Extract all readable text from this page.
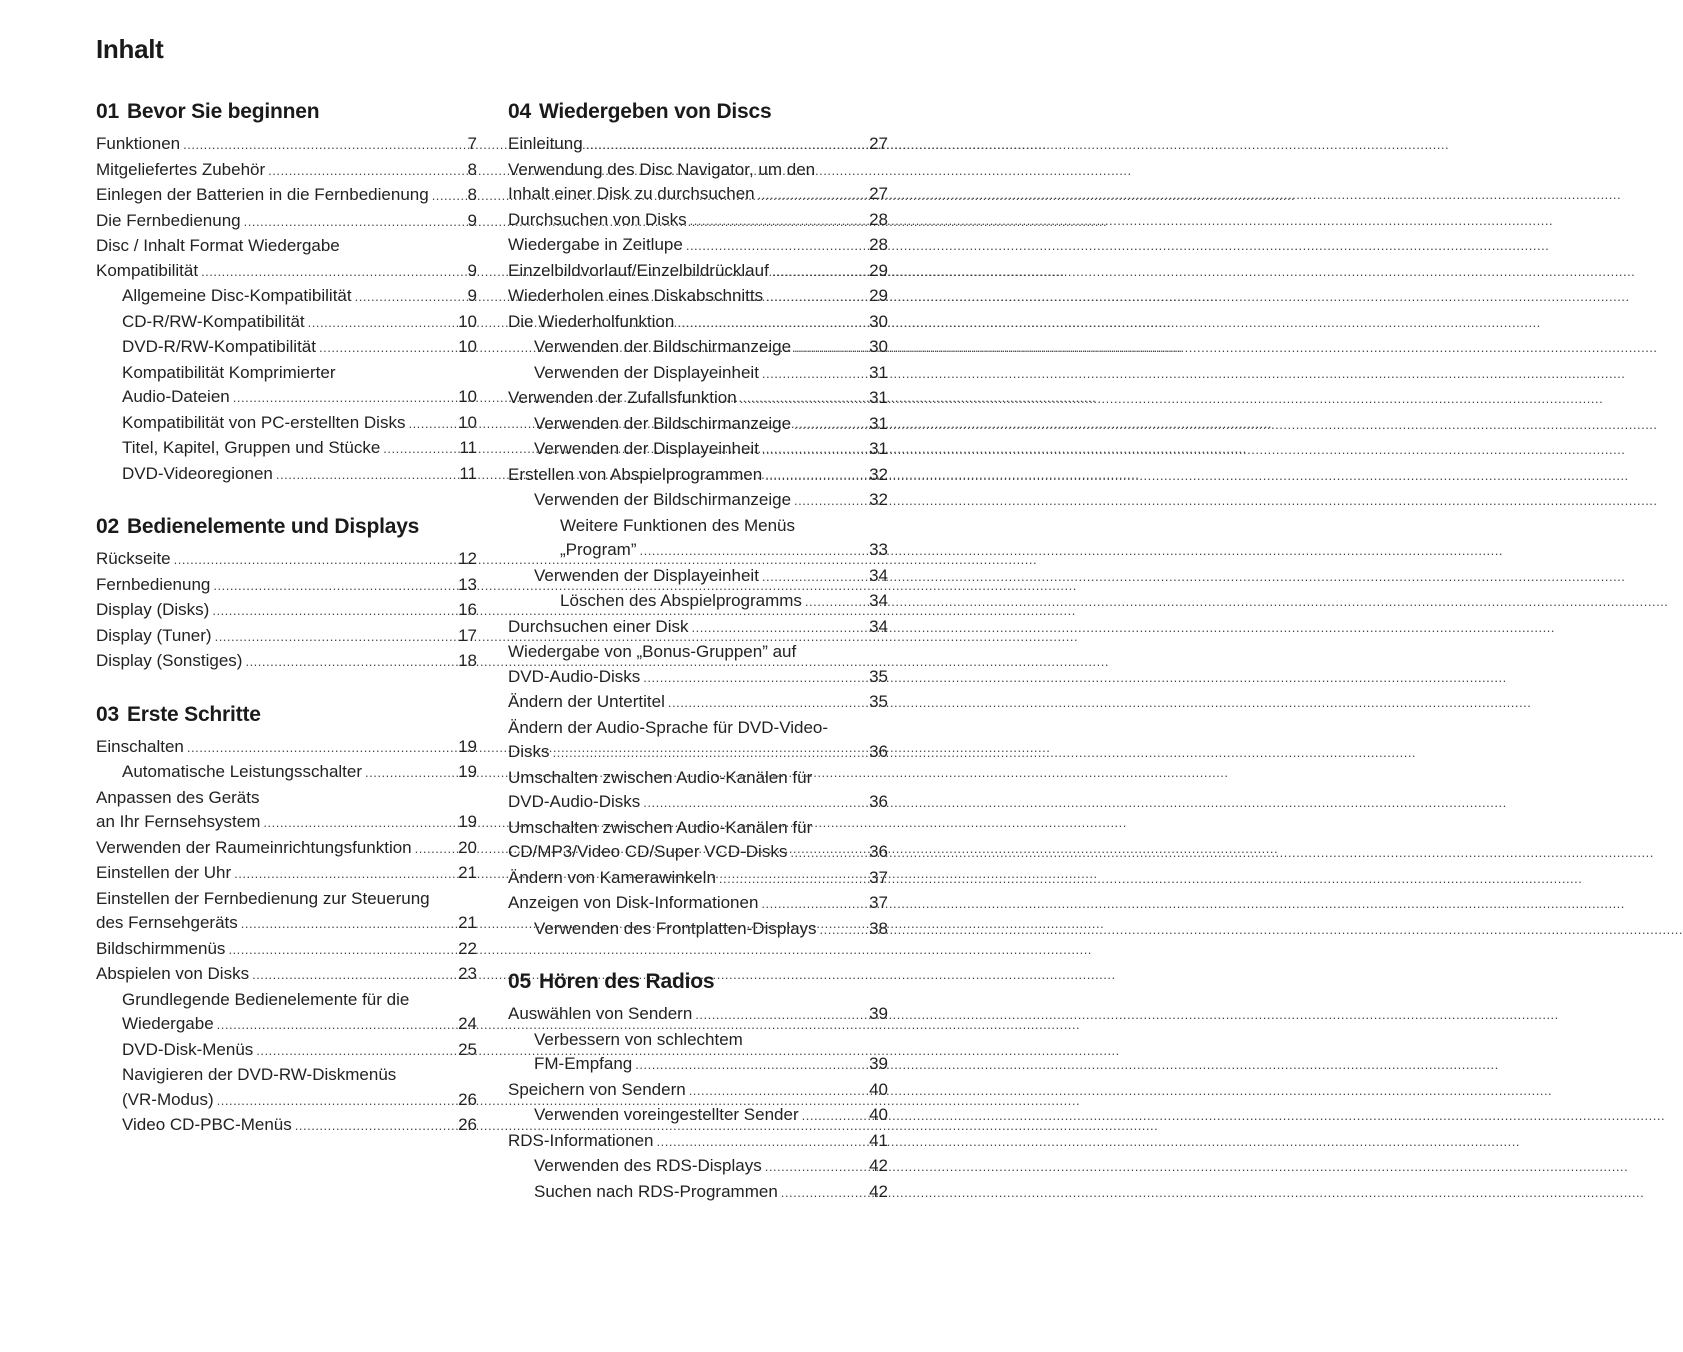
Inhalt
01 Bevor Sie beginnen
Funktionen .....	7
Mitgeliefertes Zubehör .....	8
Einlegen der Batterien in die Fernbedienung ..... 8
Die Fernbedienung .....	9
Disc / Inhalt Format Wiedergabe
Kompatibilität .....	9
Allgemeine Disc-Kompatibilität .....	9
CD-R/RW-Kompatibilität .....	10
DVD-R/RW-Kompatibilität .....	10
Kompatibilität Komprimierter
Audio-Dateien .....	10
Kompatibilität von PC-erstellten Disks .....	10
Titel, Kapitel, Gruppen und Stücke .....	11
DVD-Videoregionen .....	11
02 Bedienelemente und Displays
Rückseite .....	12
Fernbedienung .....	13
Display (Disks) .....	16
Display (Tuner) .....	17
Display (Sonstiges) .....	18
03 Erste Schritte
Einschalten .....	19
Automatische Leistungsschalter .....	19
Anpassen des Geräts
an Ihr Fernsehsystem .....	19
Verwenden der Raumeinrichtungsfunktion .....	20
Einstellen der Uhr .....	21
Einstellen der Fernbedienung zur Steuerung
des Fernsehgeräts .....	21
Bildschirmmenüs .....	22
Abspielen von Disks .....	23
Grundlegende Bedienelemente für die
Wiedergabe .....	24
DVD-Disk-Menüs .....	25
Navigieren der DVD-RW-Diskmenüs
(VR-Modus) .....	26
Video CD-PBC-Menüs .....	26
04 Wiedergeben von Discs
Einleitung .....	27
Verwendung des Disc Navigator, um den
Inhalt einer Disk zu durchsuchen .....	27
Durchsuchen von Disks .....	28
Wiedergabe in Zeitlupe .....	28
Einzelbildvorlauf/Einzelbildrücklauf .....	29
Wiederholen eines Diskabschnitts .....	29
Die Wiederholfunktion .....	30
Verwenden der Bildschirmanzeige .....	30
Verwenden der Displayeinheit .....	31
Verwenden der Zufallsfunktion .....	31
Verwenden der Bildschirmanzeige .....	31
Verwenden der Displayeinheit .....	31
Erstellen von Abspielprogrammen .....	32
Verwenden der Bildschirmanzeige .....	32
Weitere Funktionen des Menüs
„Program” .....	33
Verwenden der Displayeinheit .....	34
Löschen des Abspielprogramms .....	34
Durchsuchen einer Disk .....	34
Wiedergabe von „Bonus-Gruppen” auf
DVD-Audio-Disks .....	35
Ändern der Untertitel .....	35
Ändern der Audio-Sprache für DVD-Video-
Disks .....	36
Umschalten zwischen Audio-Kanälen für
DVD-Audio-Disks .....	36
Umschalten zwischen Audio-Kanälen für
CD/MP3/Video CD/Super VCD-Disks .....	36
Ändern von Kamerawinkeln .....	37
Anzeigen von Disk-Informationen .....	37
Verwenden des Frontplatten-Displays .....	38
05 Hören des Radios
Auswählen von Sendern .....	39
Verbessern von schlechtem
FM-Empfang .....	39
Speichern von Sendern .....	40
Verwenden voreingestellter Sender .....	40
RDS-Informationen .....	41
Verwenden des RDS-Displays .....	42
Suchen nach RDS-Programmen .....	42
